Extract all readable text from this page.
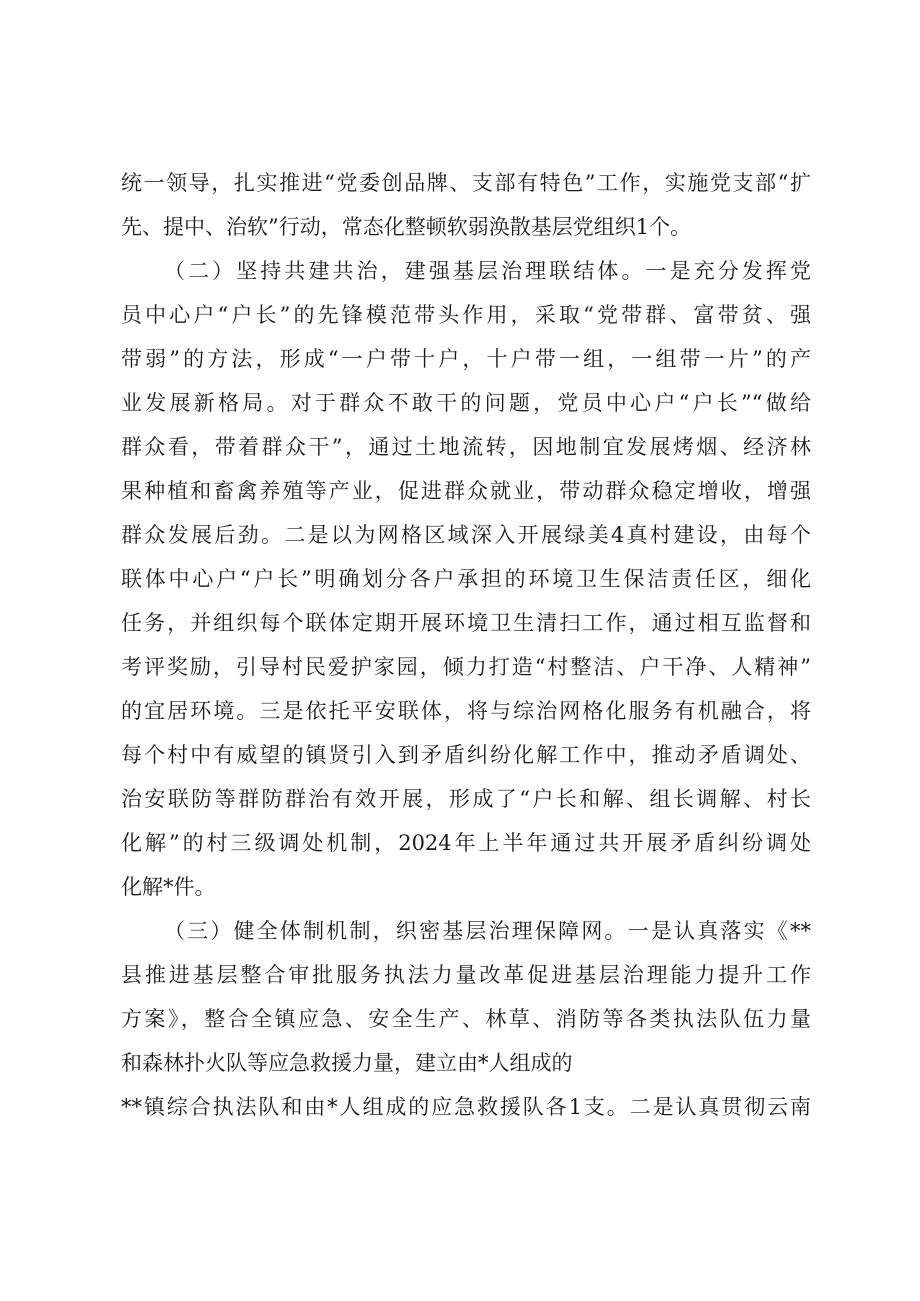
统一领导，扎实推进“党委创品牌、支部有特色”工作，实施党支部“扩
先、提中、治软”行动，常态化整顿软弱涣散基层党组织1个。
（二）坚持共建共治，建强基层治理联结体。一是充分发挥党
员中心户“户长”的先锋模范带头作用，采取“党带群、富带贫、强
带弱”的方法，形成“一户带十户，十户带一组，一组带一片”的产
业发展新格局。对于群众不敢干的问题，党员中心户“户长”“做给
群众看，带着群众干”，通过土地流转，因地制宜发展烤烟、经济林
果种植和畜禽养殖等产业，促进群众就业，带动群众稳定增收，增强
群众发展后劲。二是以为网格区域深入开展绿美4真村建设，由每个
联体中心户“户长”明确划分各户承担的环境卫生保洁责任区，细化
任务，并组织每个联体定期开展环境卫生清扫工作，通过相互监督和
考评奖励，引导村民爱护家园，倾力打造“村整洁、户干净、人精神”
的宜居环境。三是依托平安联体，将与综治网格化服务有机融合，将
每个村中有威望的镇贤引入到矛盾纠纷化解工作中，推动矛盾调处、
治安联防等群防群治有效开展，形成了“户长和解、组长调解、村长
化解”的村三级调处机制，2024年上半年通过共开展矛盾纠纷调处
化解*件。
（三）健全体制机制，织密基层治理保障网。一是认真落实《**
县推进基层整合审批服务执法力量改革促进基层治理能力提升工作
方案》，整合全镇应急、安全生产、林草、消防等各类执法队伍力量
和森林扑火队等应急救援力量，建立由*人组成的
**镇综合执法队和由*人组成的应急救援队各1支。二是认真贯彻云南
